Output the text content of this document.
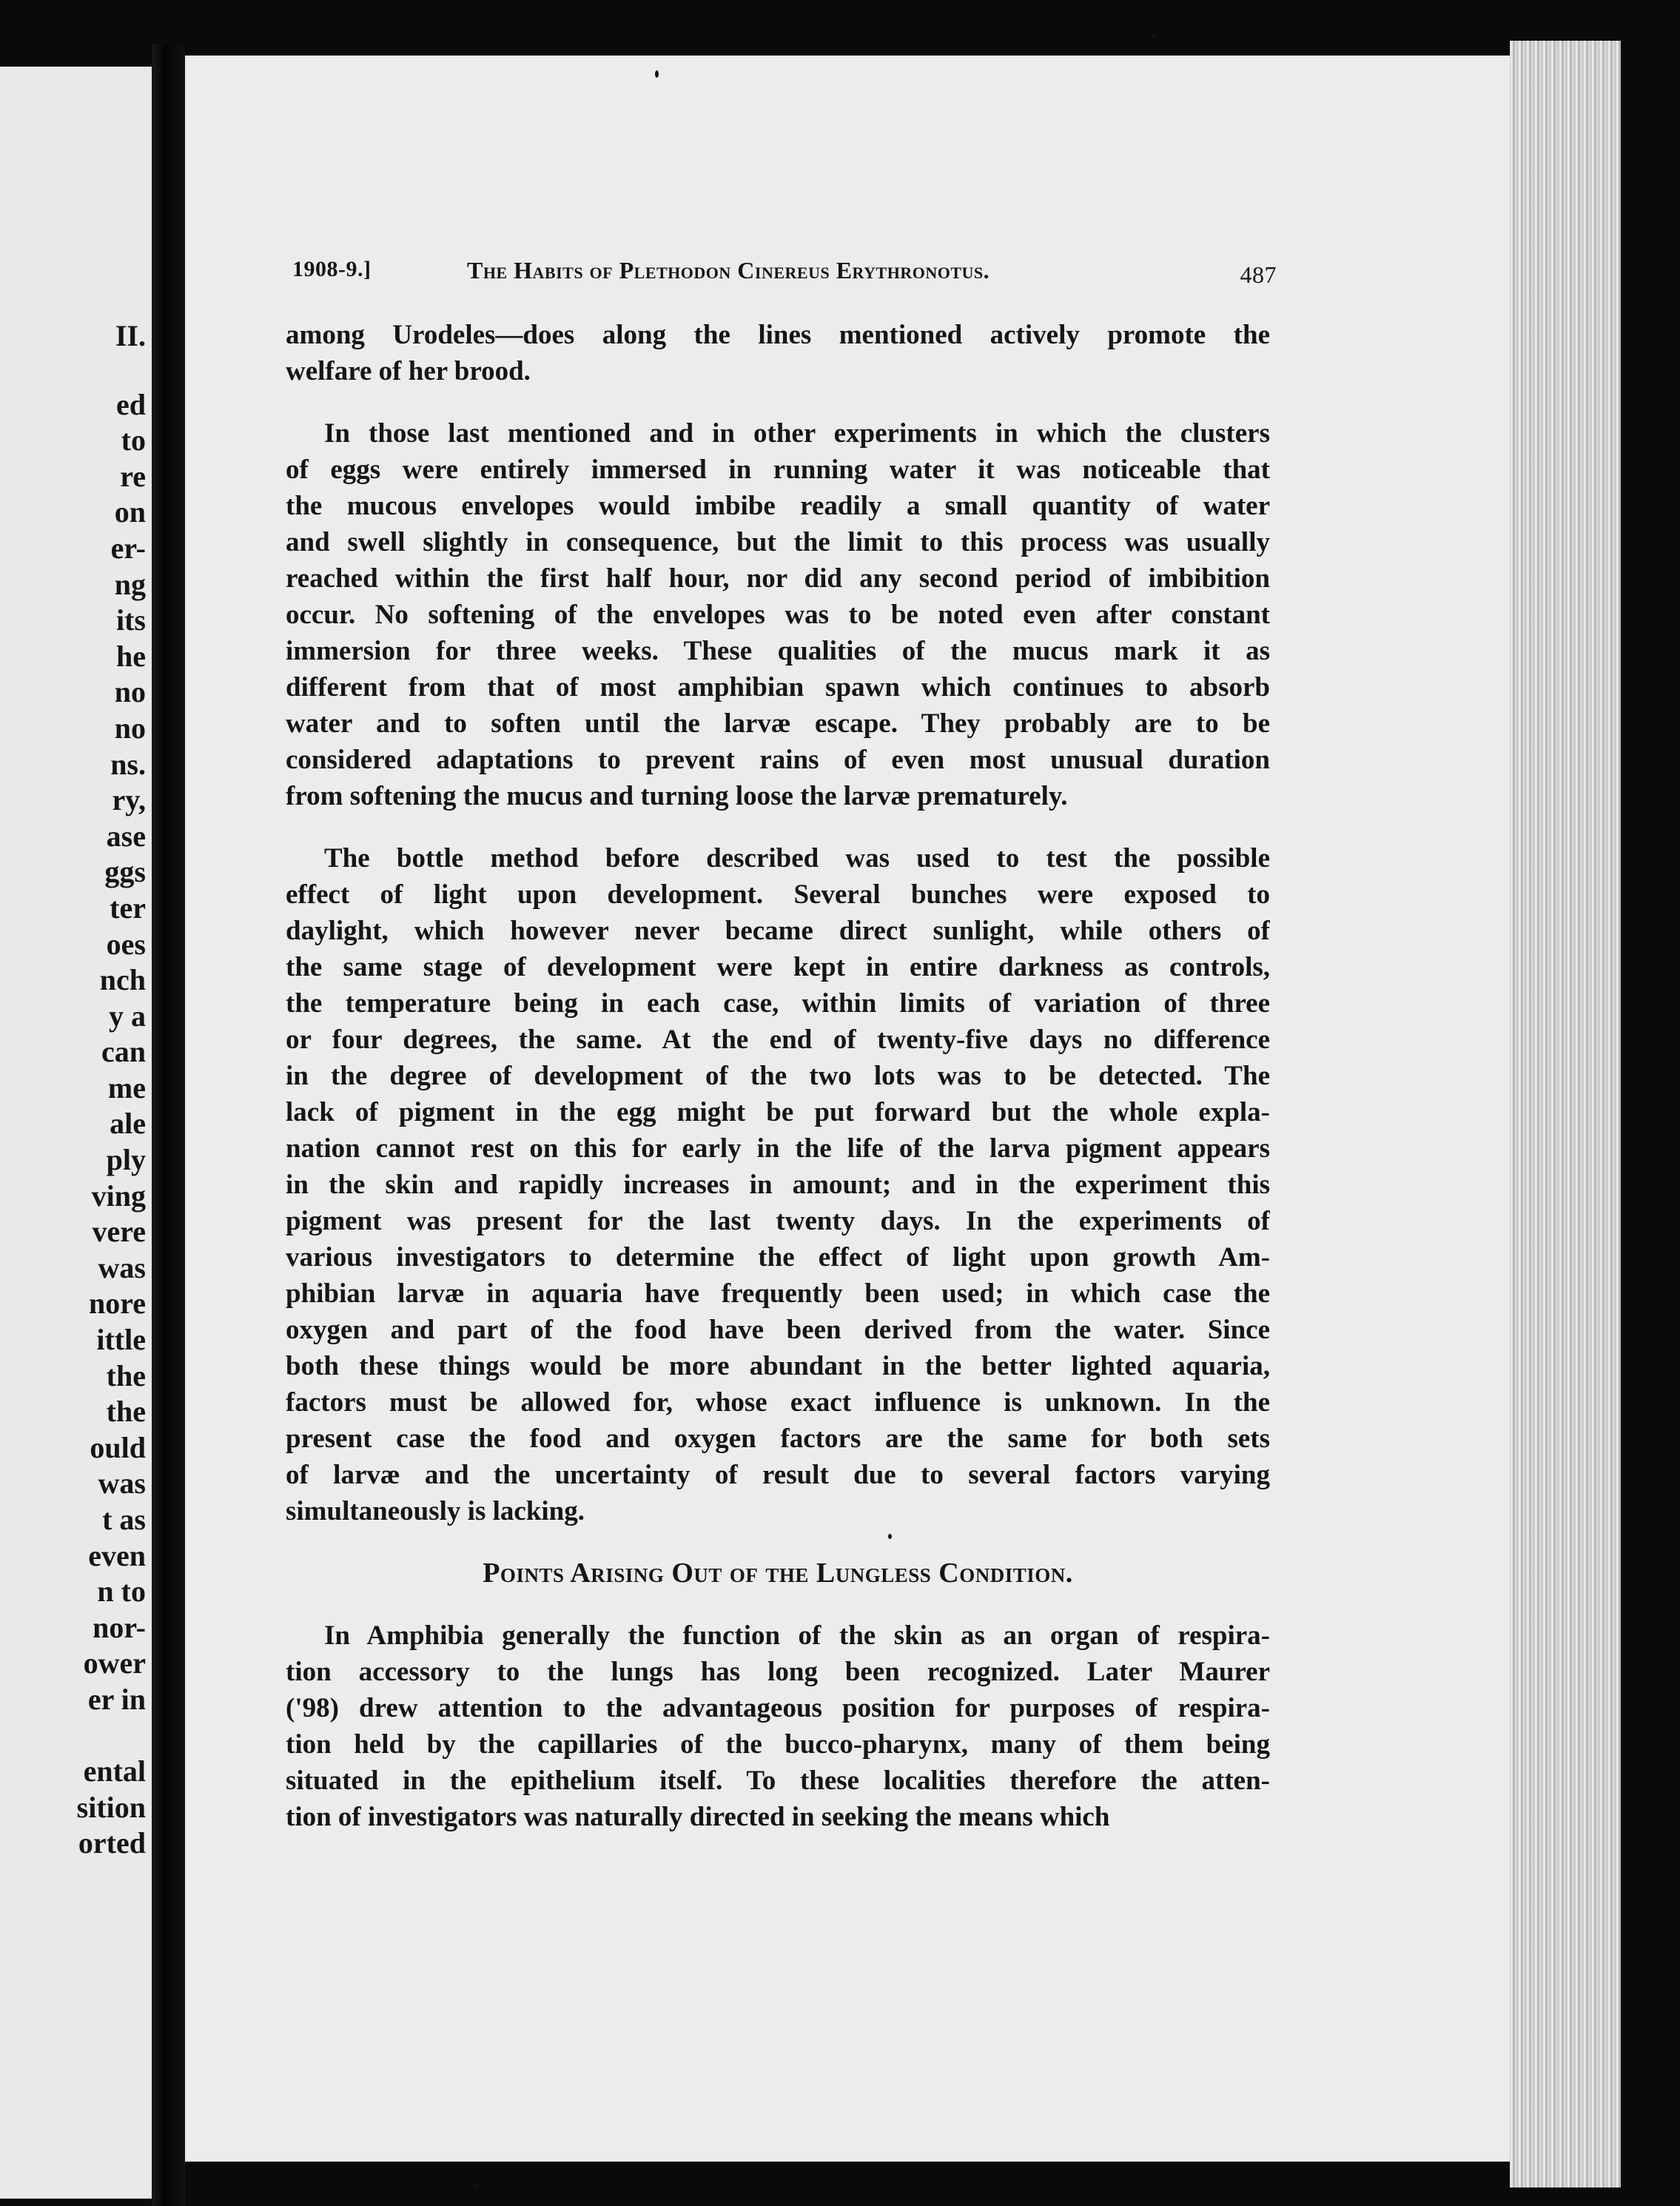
II.
ed
to
re
on
er-
ng
its
he
no
no
ns.
ry,
ase
ggs
ter
oes
nch
y a
can
me
ale
ply
ving
vere
was
nore
ittle
the
the
ould
was
t as
even
n to
nor-
ower
er in
ental
sition
orted
1908-9.]	The Habits of Plethodon Cinereus Erythronotus.	487
among Urodeles—does along the lines mentioned actively promote the
welfare of her brood.
In those last mentioned and in other experiments in which the clusters
of eggs were entirely immersed in running water it was noticeable that
the mucous envelopes would imbibe readily a small quantity of water
and swell slightly in consequence, but the limit to this process was usually
reached within the first half hour, nor did any second period of imbibition
occur. No softening of the envelopes was to be noted even after constant
immersion for three weeks. These qualities of the mucus mark it as
different from that of most amphibian spawn which continues to absorb
water and to soften until the larvæ escape. They probably are to be
considered adaptations to prevent rains of even most unusual duration
from softening the mucus and turning loose the larvæ prematurely.
The bottle method before described was used to test the possible
effect of light upon development. Several bunches were exposed to
daylight, which however never became direct sunlight, while others of
the same stage of development were kept in entire darkness as controls,
the temperature being in each case, within limits of variation of three
or four degrees, the same. At the end of twenty-five days no difference
in the degree of development of the two lots was to be detected. The
lack of pigment in the egg might be put forward but the whole expla-
nation cannot rest on this for early in the life of the larva pigment appears
in the skin and rapidly increases in amount; and in the experiment this
pigment was present for the last twenty days. In the experiments of
various investigators to determine the effect of light upon growth Am-
phibian larvæ in aquaria have frequently been used; in which case the
oxygen and part of the food have been derived from the water. Since
both these things would be more abundant in the better lighted aquaria,
factors must be allowed for, whose exact influence is unknown. In the
present case the food and oxygen factors are the same for both sets
of larvæ and the uncertainty of result due to several factors varying
simultaneously is lacking.
Points Arising Out of the Lungless Condition.
In Amphibia generally the function of the skin as an organ of respira-
tion accessory to the lungs has long been recognized. Later Maurer
('98) drew attention to the advantageous position for purposes of respira-
tion held by the capillaries of the bucco-pharynx, many of them being
situated in the epithelium itself. To these localities therefore the atten-
tion of investigators was naturally directed in seeking the means which
